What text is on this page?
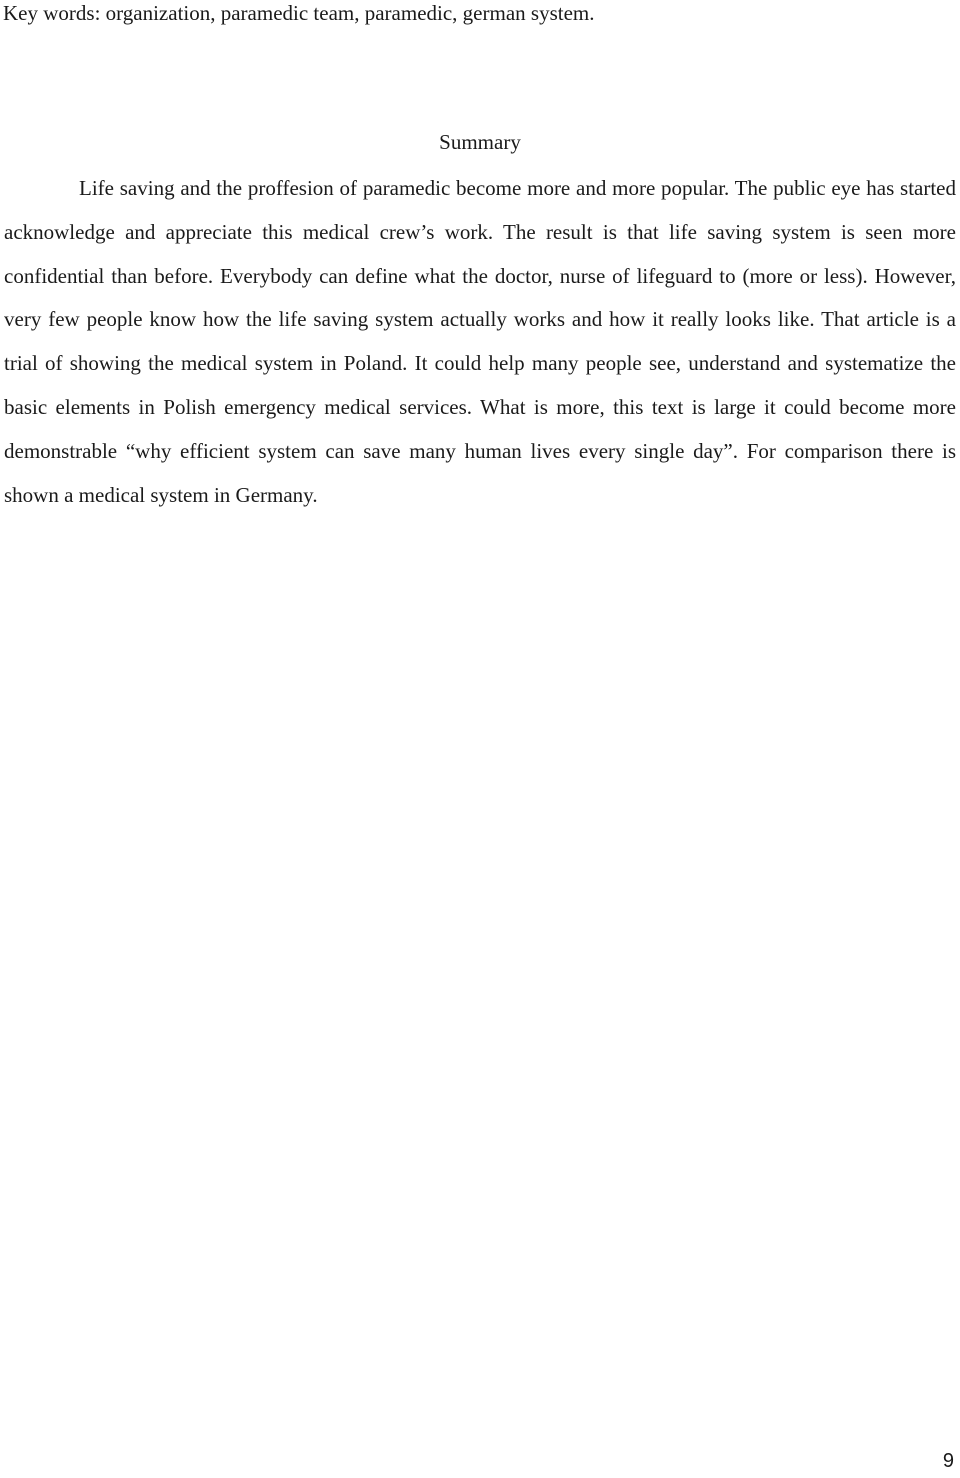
Key words: organization, paramedic team, paramedic, german system.
Summary

Life saving and the proffesion of paramedic become more and more popular. The public eye has started acknowledge and appreciate this medical crew’s work. The result is that life saving system is seen more confidential than before. Everybody can define what the doctor, nurse of lifeguard to (more or less). However, very few people know how the life saving system actually works and how it really looks like. That article is a trial of showing the medical system in Poland. It could help many people see, understand and systematize the basic elements in Polish emergency medical services. What is more, this text is large it could become more demonstrable “why efficient system can save many human lives every single day”. For comparison there is shown a medical system in Germany.

9
